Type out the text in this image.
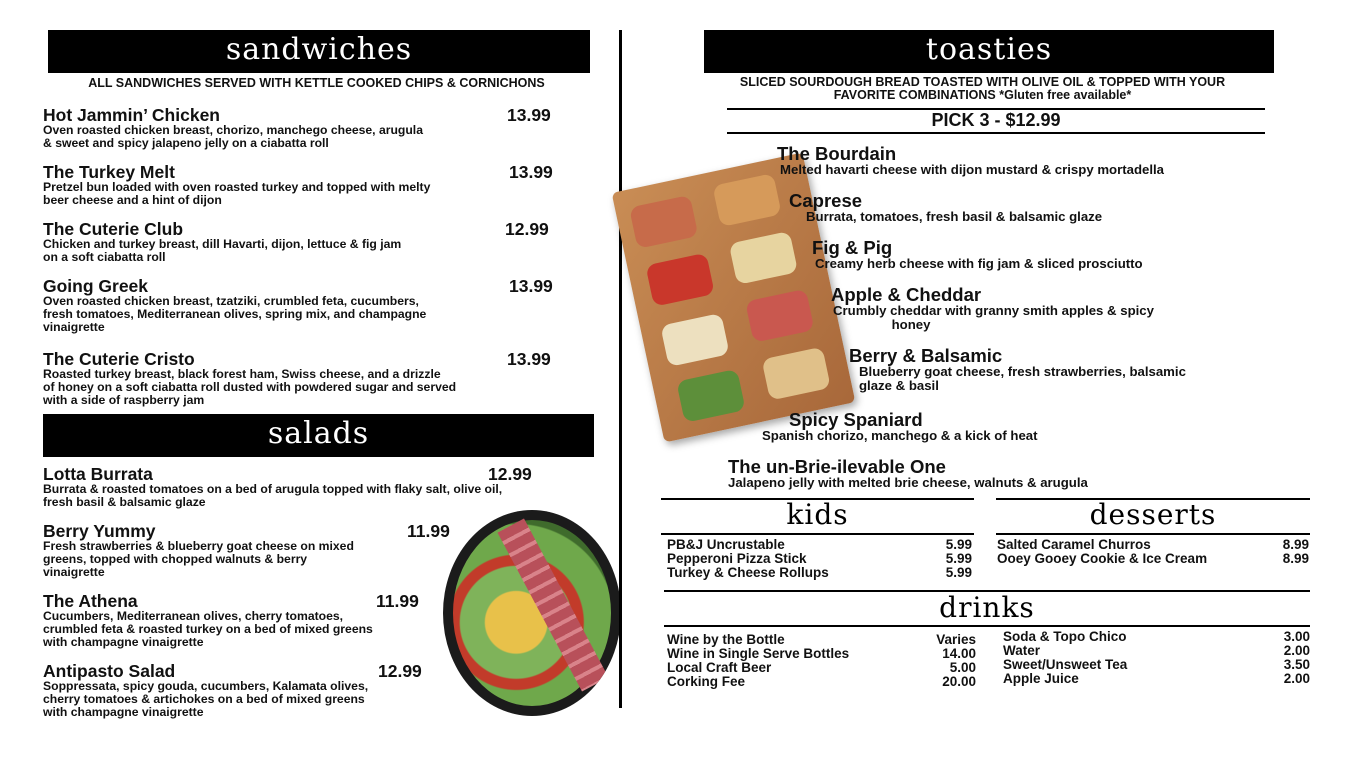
sandwiches
ALL SANDWICHES SERVED WITH KETTLE COOKED CHIPS & CORNICHONS
Hot Jammin’ Chicken	13.99
Oven roasted chicken breast, chorizo, manchego cheese, arugula
& sweet and spicy jalapeno jelly on a ciabatta roll
The Turkey Melt	13.99
Pretzel bun loaded with oven roasted turkey and topped with melty
beer cheese and a hint of dijon
The Cuterie Club	12.99
Chicken and turkey breast, dill Havarti, dijon, lettuce & fig jam
on a soft ciabatta roll
Going Greek	13.99
Oven roasted chicken breast, tzatziki, crumbled feta, cucumbers,
fresh tomatoes, Mediterranean olives, spring mix, and champagne
vinaigrette
The Cuterie Cristo	13.99
Roasted turkey breast, black forest ham, Swiss cheese, and a drizzle
of honey on a soft ciabatta roll dusted with powdered sugar and served
with a side of raspberry jam
salads
Lotta Burrata	12.99
Burrata & roasted tomatoes on a bed of arugula topped with flaky salt, olive oil,
fresh basil & balsamic glaze
Berry Yummy	11.99
Fresh strawberries & blueberry goat cheese on mixed
greens, topped with chopped walnuts & berry
vinaigrette
The Athena	11.99
Cucumbers, Mediterranean olives, cherry tomatoes,
crumbled feta & roasted turkey on a bed of mixed greens
with champagne vinaigrette
Antipasto Salad	12.99
Soppressata, spicy gouda, cucumbers, Kalamata olives,
cherry tomatoes & artichokes on a bed of mixed greens
with champagne vinaigrette
toasties
SLICED SOURDOUGH BREAD TOASTED WITH OLIVE OIL & TOPPED WITH YOUR
FAVORITE COMBINATIONS *Gluten free available*
PICK 3 - $12.99
The Bourdain
Melted havarti cheese with dijon mustard & crispy mortadella
Caprese
Burrata, tomatoes, fresh basil & balsamic glaze
Fig & Pig
Creamy herb cheese with fig jam & sliced prosciutto
Apple & Cheddar
Crumbly cheddar with granny smith apples & spicy
honey
Berry & Balsamic
Blueberry goat cheese, fresh strawberries, balsamic
glaze & basil
Spicy Spaniard
Spanish chorizo, manchego & a kick of heat
The un-Brie-ilevable One
Jalapeno jelly with melted brie cheese, walnuts & arugula
kids
PB&J Uncrustable	5.99
Pepperoni Pizza Stick	5.99
Turkey & Cheese Rollups	5.99
desserts
Salted Caramel Churros	8.99
Ooey Gooey Cookie & Ice Cream	8.99
drinks
Wine by the Bottle	Varies
Wine in Single Serve Bottles	14.00
Local Craft Beer	5.00
Corking Fee	20.00
Soda & Topo Chico	3.00
Water	2.00
Sweet/Unsweet Tea	3.50
Apple Juice	2.00
